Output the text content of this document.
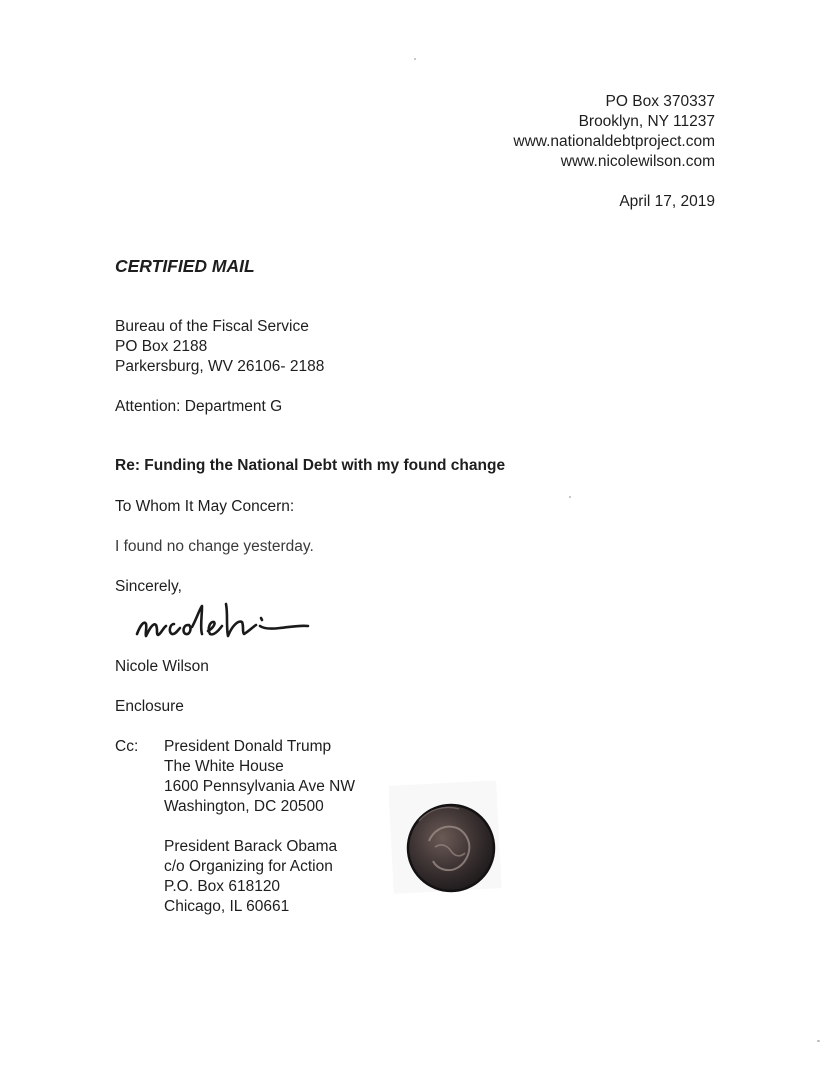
PO Box 370337
Brooklyn, NY 11237
www.nationaldebtproject.com
www.nicolewilson.com
April 17, 2019
CERTIFIED MAIL
Bureau of the Fiscal Service
PO Box 2188
Parkersburg, WV 26106- 2188
Attention: Department G
Re: Funding the National Debt with my found change
To Whom It May Concern:
I found no change yesterday.
Sincerely,
Nicole Wilson
Enclosure
Cc: President Donald Trump
The White House
1600 Pennsylvania Ave NW
Washington, DC 20500
President Barack Obama
c/o Organizing for Action
P.O. Box 618120
Chicago, IL 60661
